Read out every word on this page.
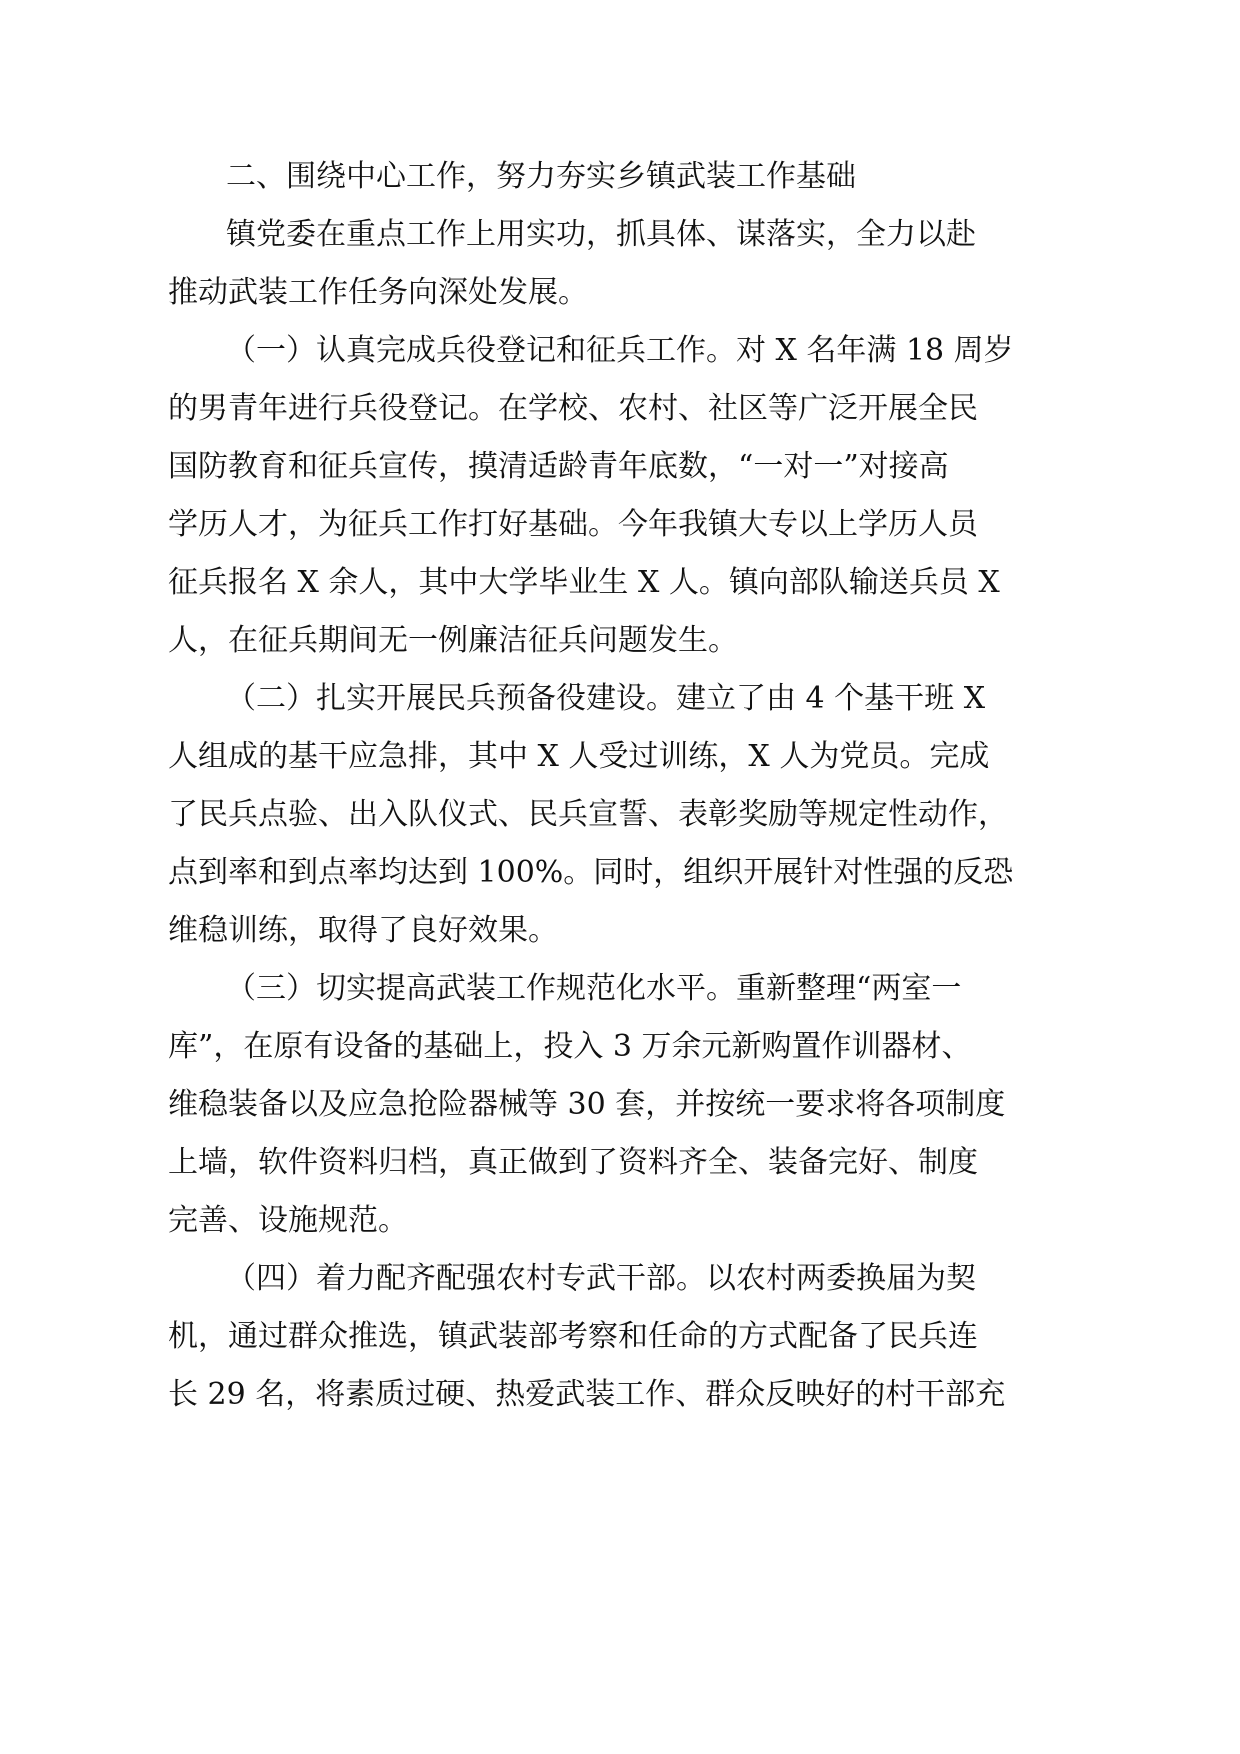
二、围绕中心工作，努力夯实乡镇武装工作基础

镇党委在重点工作上用实功，抓具体、谋落实，全力以赴

推动武装工作任务向深处发展。

（一）认真完成兵役登记和征兵工作。对 X 名年满 18 周岁

的男青年进行兵役登记。在学校、农村、社区等广泛开展全民

国防教育和征兵宣传，摸清适龄青年底数，“一对一”对接高

学历人才，为征兵工作打好基础。今年我镇大专以上学历人员

征兵报名 X 余人，其中大学毕业生 X 人。镇向部队输送兵员 X

人，在征兵期间无一例廉洁征兵问题发生。

（二）扎实开展民兵预备役建设。建立了由 4 个基干班 X

人组成的基干应急排，其中 X 人受过训练，X 人为党员。完成

了民兵点验、出入队仪式、民兵宣誓、表彰奖励等规定性动作，

点到率和到点率均达到 100%。同时，组织开展针对性强的反恐

维稳训练，取得了良好效果。

（三）切实提高武装工作规范化水平。重新整理“两室一

库”，在原有设备的基础上，投入 3 万余元新购置作训器材、

维稳装备以及应急抢险器械等 30 套，并按统一要求将各项制度

上墙，软件资料归档，真正做到了资料齐全、装备完好、制度

完善、设施规范。

（四）着力配齐配强农村专武干部。以农村两委换届为契

机，通过群众推选，镇武装部考察和任命的方式配备了民兵连

长 29 名，将素质过硬、热爱武装工作、群众反映好的村干部充
